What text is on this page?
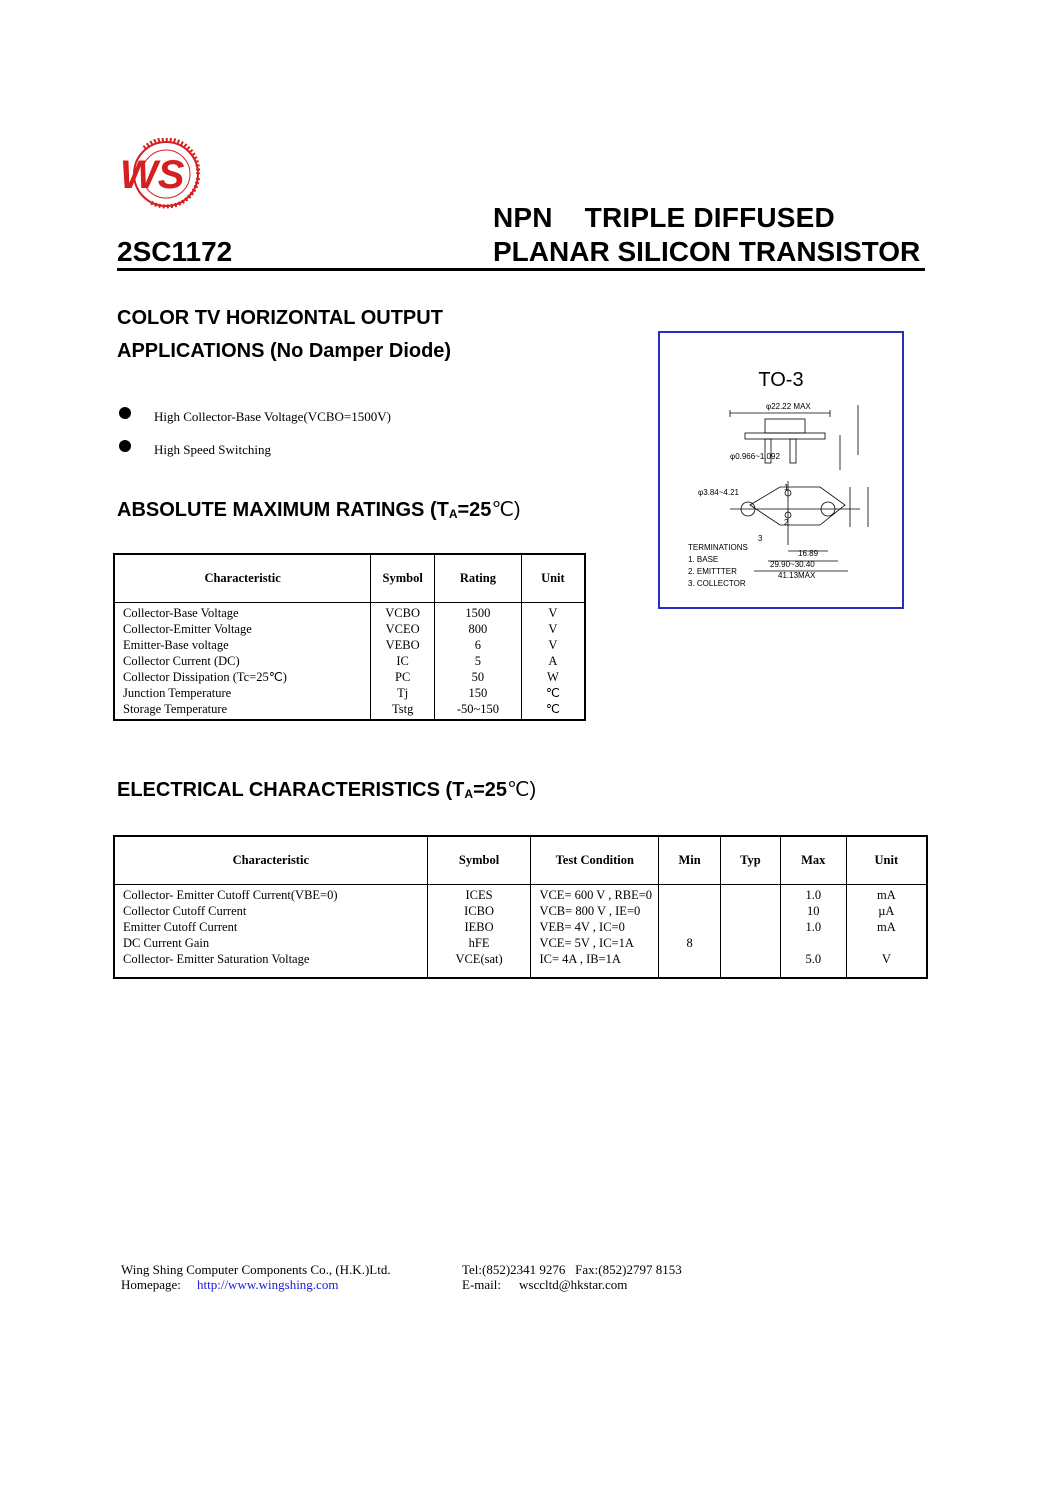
WS
NPN    TRIPLE DIFFUSED
PLANAR SILICON TRANSISTOR
2SC1172
COLOR TV HORIZONTAL OUTPUT
APPLICATIONS (No Damper Diode)
High Collector-Base Voltage(VCBO=1500V)
High Speed Switching
ABSOLUTE MAXIMUM RATINGS $(T_A=25℃)$
TO-3
φ22.22 MAX
φ0.966~1.092
φ3.84~4.21
16.89
29.90~30.40
41.13MAX
TERMINATIONS
1. BASE
2. EMITTTER
3. COLLECTOR
1
2
3
Characteristic	Symbol	Rating	Unit
Collector-Base Voltage	VCBO	1500	V
Collector-Emitter Voltage	VCEO	800	V
Emitter-Base voltage	VEBO	6	V
Collector Current (DC)	IC	5	A
Collector Dissipation (Tc=25℃)	PC	50	W
Junction Temperature	Tj	150	℃
Storage Temperature	Tstg	-50~150	℃
ELECTRICAL CHARACTERISTICS $(T_A=25℃)$
Characteristic	Symbol	Test Condition	Min	Typ	Max	Unit
Collector- Emitter Cutoff Current(VBE=0)	ICES	VCE= 600 V , RBE=0			1.0	mA
Collector Cutoff Current	ICBO	VCB= 800 V , IE=0			10	µA
Emitter Cutoff Current	IEBO	VEB= 4V , IC=0			1.0	mA
DC Current Gain	hFE	VCE= 5V , IC=1A	8			
Collector- Emitter Saturation Voltage	VCE(sat)	IC= 4A , IB=1A			5.0	V
Wing Shing Computer Components Co., (H.K.)Ltd.
Homepage: http://www.wingshing.com
Tel:(852)2341 9276   Fax:(852)2797 8153
E-mail: wsccltd@hkstar.com
